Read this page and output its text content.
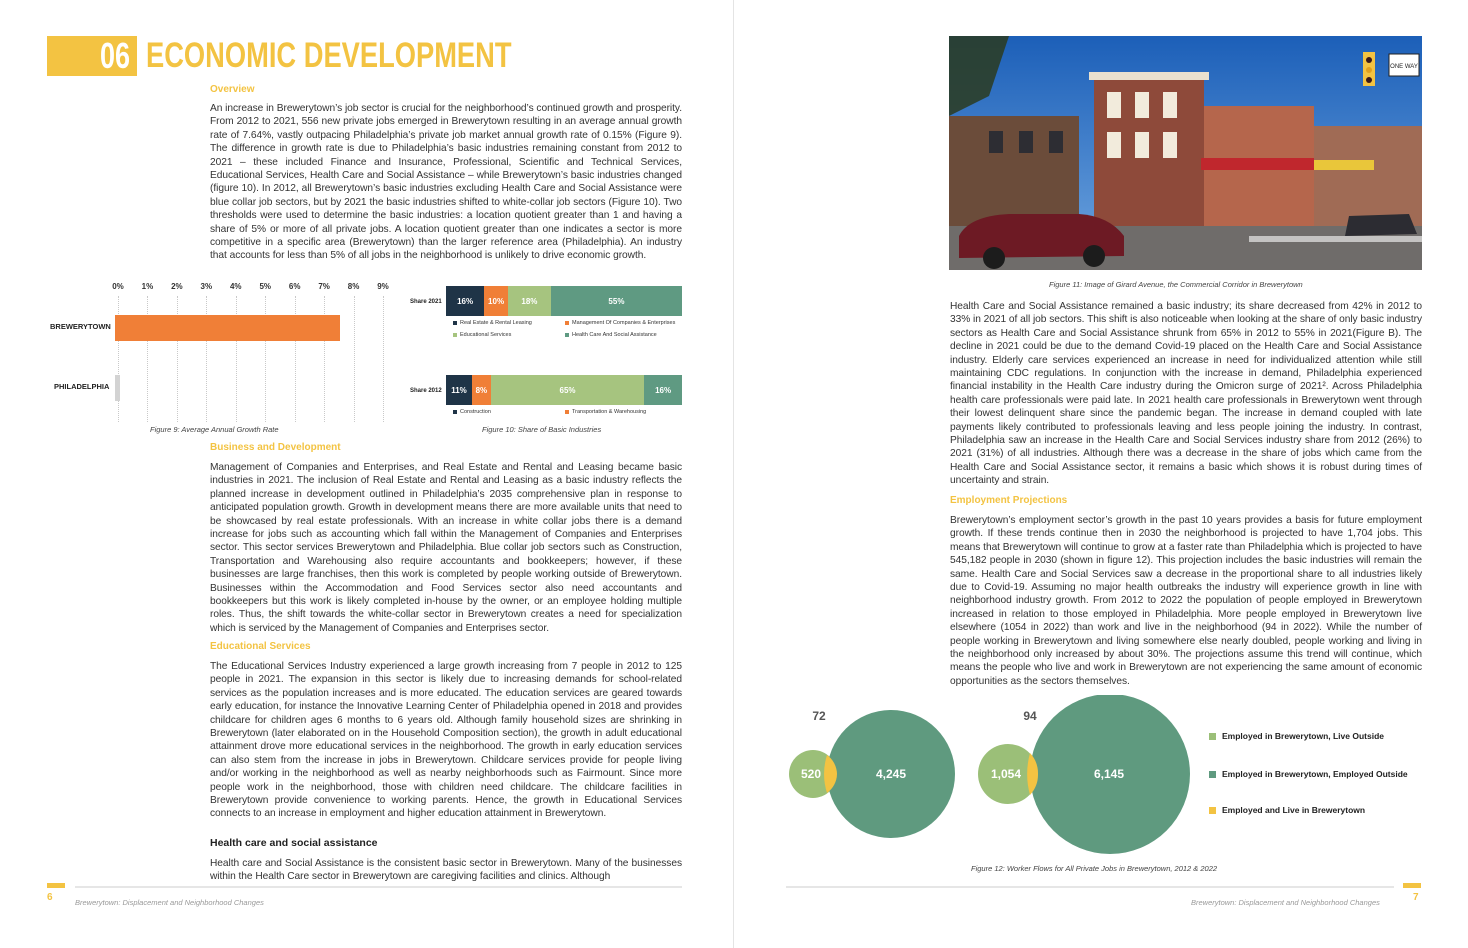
06 ECONOMIC DEVELOPMENT
Overview

An increase in Brewerytown’s job sector is crucial for the neighborhood’s continued growth and prosperity. From 2012 to 2021, 556 new private jobs emerged in Brewerytown resulting in an average annual growth rate of 7.64%, vastly outpacing Philadelphia’s private job market annual growth rate of 0.15% (Figure 9). The difference in growth rate is due to Philadelphia’s basic industries remaining constant from 2012 to 2021 – these included Finance and Insurance, Professional, Scientific and Technical Services, Educational Services, Health Care and Social Assistance – while Brewerytown’s basic industries changed (figure 10). In 2012, all Brewerytown’s basic industries excluding Health Care and Social Assistance were blue collar job sectors, but by 2021 the basic industries shifted to white-collar job sectors (Figure 10). Two thresholds were used to determine the basic industries: a location quotient greater than 1 and having a share of 5% or more of all private jobs. A location quotient greater than one indicates a sector is more competitive in a specific area (Brewerytown) than the larger reference area (Philadelphia). An industry that accounts for less than 5% of all jobs in the neighborhood is unlikely to drive economic growth.

0% 1% 2% 3% 4% 5% 6% 7% 8% 9%
BREWERYTOWN
PHILADELPHIA
Figure 9: Average Annual Growth Rate
Share 2021	16%	10%	18%	55%
Real Estate & Rental Leasing	Management Of Companies & Enterprises
Educational Services	Health Care And Social Assistance
Share 2012	11%	8%	65%	16%
Construction	Transportation & Warehousing
Figure 10: Share of Basic Industries
Business and Development

Management of Companies and Enterprises, and Real Estate and Rental and Leasing became basic industries in 2021. The inclusion of Real Estate and Rental and Leasing as a basic industry reflects the planned increase in development outlined in Philadelphia’s 2035 comprehensive plan in response to anticipated population growth. Growth in development means there are more available units that need to be showcased by real estate professionals. With an increase in white collar jobs there is a demand increase for jobs such as accounting which fall within the Management of Companies and Enterprises sector. This sector services Brewerytown and Philadelphia. Blue collar job sectors such as Construction, Transportation and Warehousing also require accountants and bookkeepers; however, if these businesses are large franchises, then this work is completed by people working outside of Brewerytown. Businesses within the Accommodation and Food Services sector also need accountants and bookkeepers but this work is likely completed in-house by the owner, or an employee holding multiple roles. Thus, the shift towards the white-collar sector in Brewerytown creates a need for specialization which is serviced by the Management of Companies and Enterprises sector.

Educational Services

The Educational Services Industry experienced a large growth increasing from 7 people in 2012 to 125 people in 2021. The expansion in this sector is likely due to increasing demands for school-related services as the population increases and is more educated. The education services are geared towards early education, for instance the Innovative Learning Center of Philadelphia opened in 2018 and provides childcare for children ages 6 months to 6 years old. Although family household sizes are shrinking in Brewerytown (later elaborated on in the Household Composition section), the growth in adult educational attainment drove more educational services in the neighborhood. The growth in early education services can also stem from the increase in jobs in Brewerytown. Childcare services provide for people living and/or working in the neighborhood as well as nearby neighborhoods such as Fairmount. Since more people work in the neighborhood, those with children need childcare. The childcare facilities in Brewerytown provide convenience to working parents. Hence, the growth in Educational Services connects to an increase in employment and higher education attainment in Brewerytown.

Health care and social assistance

Health care and Social Assistance is the consistent basic sector in Brewerytown. Many of the businesses within the Health Care sector in Brewerytown are caregiving facilities and clinics. Although

6	Brewerytown: Displacement and Neighborhood Changes
ONE WAY
Figure 11: Image of Girard Avenue, the Commercial Corridor in Brewerytown

Health Care and Social Assistance remained a basic industry; its share decreased from 42% in 2012 to 33% in 2021 of all job sectors. This shift is also noticeable when looking at the share of only basic industry sectors as Health Care and Social Assistance shrunk from 65% in 2012 to 55% in 2021(Figure B). The decline in 2021 could be due to the demand Covid-19 placed on the Health Care and Social Assistance industry. Elderly care services experienced an increase in need for individualized attention while still maintaining CDC regulations. In conjunction with the increase in demand, Philadelphia experienced financial instability in the Health Care industry during the Omicron surge of 2021². Across Philadelphia health care professionals were paid late. In 2021 health care professionals in Brewerytown went through their lowest delinquent share since the pandemic began. The increase in demand coupled with late payments likely contributed to professionals leaving and less people joining the industry. In contrast, Philadelphia saw an increase in the Health Care and Social Services industry share from 2012 (26%) to 2021 (31%) of all industries. Although there was a decrease in the share of jobs which came from the Health Care and Social Assistance sector, it remains a basic which shows it is robust during times of uncertainty and strain.

Employment Projections

Brewerytown’s employment sector’s growth in the past 10 years provides a basis for future employment growth. If these trends continue then in 2030 the neighborhood is projected to have 1,704 jobs. This means that Brewerytown will continue to grow at a faster rate than Philadelphia which is projected to have 545,182 people in 2030 (shown in figure 12). This projection includes the basic industries will remain the same. Health Care and Social Services saw a decrease in the proportional share to all industries likely due to Covid-19. Assuming no major health outbreaks the industry will experience growth in line with neighborhood industry growth. From 2012 to 2022 the population of people employed in Brewerytown increased in relation to those employed in Philadelphia. More people employed in Brewerytown live elsewhere (1054 in 2022) than work and live in the neighborhood (94 in 2022). While the number of people working in Brewerytown and living somewhere else nearly doubled, people working and living in the neighborhood only increased by about 30%. The projections assume this trend will continue, which means the people who live and work in Brewerytown are not experiencing the same amount of economic opportunities as the sectors themselves.

72
520	4,245
94
1,054	6,145
Employed in Brewerytown, Live Outside
Employed in Brewerytown, Employed Outside
Employed and Live in Brewerytown
Figure 12: Worker Flows for All Private Jobs in Brewerytown, 2012 & 2022
Brewerytown: Displacement and Neighborhood Changes	7
